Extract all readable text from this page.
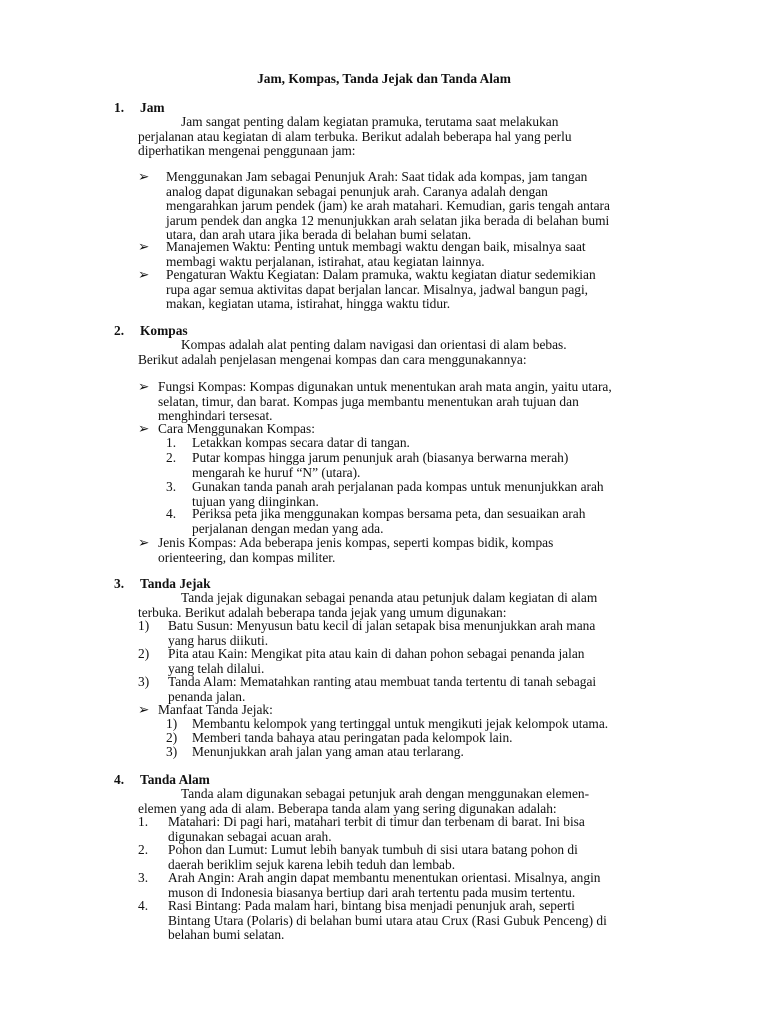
Jam, Kompas, Tanda Jejak dan Tanda Alam
1. Jam
Jam sangat penting dalam kegiatan pramuka, terutama saat melakukan
perjalanan atau kegiatan di alam terbuka. Berikut adalah beberapa hal yang perlu
diperhatikan mengenai penggunaan jam:
➢ Menggunakan Jam sebagai Penunjuk Arah: Saat tidak ada kompas, jam tangan
analog dapat digunakan sebagai penunjuk arah. Caranya adalah dengan
mengarahkan jarum pendek (jam) ke arah matahari. Kemudian, garis tengah antara
jarum pendek dan angka 12 menunjukkan arah selatan jika berada di belahan bumi
utara, dan arah utara jika berada di belahan bumi selatan.
➢ Manajemen Waktu: Penting untuk membagi waktu dengan baik, misalnya saat
membagi waktu perjalanan, istirahat, atau kegiatan lainnya.
➢ Pengaturan Waktu Kegiatan: Dalam pramuka, waktu kegiatan diatur sedemikian
rupa agar semua aktivitas dapat berjalan lancar. Misalnya, jadwal bangun pagi,
makan, kegiatan utama, istirahat, hingga waktu tidur.
2. Kompas
Kompas adalah alat penting dalam navigasi dan orientasi di alam bebas.
Berikut adalah penjelasan mengenai kompas dan cara menggunakannya:
➢ Fungsi Kompas: Kompas digunakan untuk menentukan arah mata angin, yaitu utara,
selatan, timur, dan barat. Kompas juga membantu menentukan arah tujuan dan
menghindari tersesat.
➢ Cara Menggunakan Kompas:
1. Letakkan kompas secara datar di tangan.
2. Putar kompas hingga jarum penunjuk arah (biasanya berwarna merah)
mengarah ke huruf “N” (utara).
3. Gunakan tanda panah arah perjalanan pada kompas untuk menunjukkan arah
tujuan yang diinginkan.
4. Periksa peta jika menggunakan kompas bersama peta, dan sesuaikan arah
perjalanan dengan medan yang ada.
➢ Jenis Kompas: Ada beberapa jenis kompas, seperti kompas bidik, kompas
orienteering, dan kompas militer.
3. Tanda Jejak
Tanda jejak digunakan sebagai penanda atau petunjuk dalam kegiatan di alam
terbuka. Berikut adalah beberapa tanda jejak yang umum digunakan:
1) Batu Susun: Menyusun batu kecil di jalan setapak bisa menunjukkan arah mana
yang harus diikuti.
2) Pita atau Kain: Mengikat pita atau kain di dahan pohon sebagai penanda jalan
yang telah dilalui.
3) Tanda Alam: Mematahkan ranting atau membuat tanda tertentu di tanah sebagai
penanda jalan.
➢ Manfaat Tanda Jejak:
1) Membantu kelompok yang tertinggal untuk mengikuti jejak kelompok utama.
2) Memberi tanda bahaya atau peringatan pada kelompok lain.
3) Menunjukkan arah jalan yang aman atau terlarang.
4. Tanda Alam
Tanda alam digunakan sebagai petunjuk arah dengan menggunakan elemen-
elemen yang ada di alam. Beberapa tanda alam yang sering digunakan adalah:
1. Matahari: Di pagi hari, matahari terbit di timur dan terbenam di barat. Ini bisa
digunakan sebagai acuan arah.
2. Pohon dan Lumut: Lumut lebih banyak tumbuh di sisi utara batang pohon di
daerah beriklim sejuk karena lebih teduh dan lembab.
3. Arah Angin: Arah angin dapat membantu menentukan orientasi. Misalnya, angin
muson di Indonesia biasanya bertiup dari arah tertentu pada musim tertentu.
4. Rasi Bintang: Pada malam hari, bintang bisa menjadi penunjuk arah, seperti
Bintang Utara (Polaris) di belahan bumi utara atau Crux (Rasi Gubuk Penceng) di
belahan bumi selatan.
